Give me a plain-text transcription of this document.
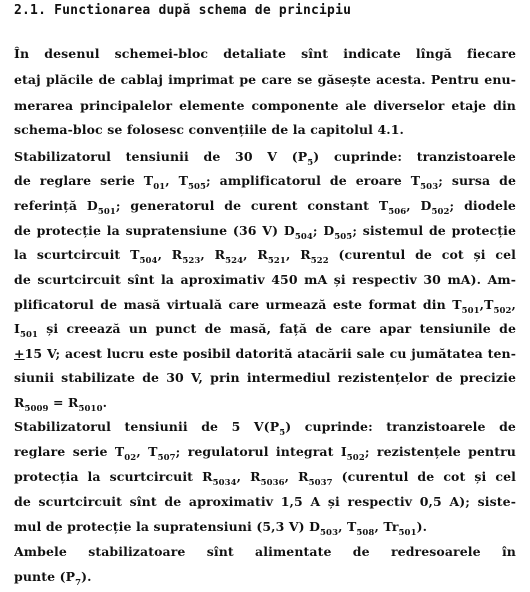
2.1. Functionarea după schema de principiu
În desenul schemei-bloc detaliate sînt indicate lîngă fiecare
etaj plăcile de cablaj imprimat pe care se găsește acesta. Pentru enu-
merarea principalelor elemente componente ale diverselor etaje din
schema-bloc se folosesc convențiile de la capitolul 4.1.
Stabilizatorul tensiunii de 30 V $(P_5)$ cuprinde: tranzistoarele
de reglare serie $T_{01}$, $T_{505}$; amplificatorul de eroare $T_{503}$; sursa de
referință $D_{501}$; generatorul de curent constant $T_{506}$, $D_{502}$; diodele
de protecție la supratensiune (36 V) $D_{504}$; $D_{505}$; sistemul de protecție
la scurtcircuit $T_{504}$, $R_{523}$, $R_{524}$, $R_{521}$, $R_{522}$ (curentul de cot și cel
de scurtcircuit sînt la aproximativ 450 mA și respectiv 30 mA). Am-
plificatorul de masă virtuală care urmează este format din $T_{501},T_{502}$,
$I_{501}$ și creează un punct de masă, față de care apar tensiunile de
+15 V; acest lucru este posibil datorită atacării sale cu jumătatea ten-
siunii stabilizate de 30 V, prin intermediul rezistențelor de precizie
$R_{5009} = R_{5010}$.
Stabilizatorul tensiunii de 5 $V(P_5)$ cuprinde: tranzistoarele de
reglare serie $T_{02}$, $T_{507}$; regulatorul integrat $I_{502}$; rezistențele pentru
protecția la scurtcircuit $R_{5034}$, $R_{5036}$, $R_{5037}$ (curentul de cot și cel
de scurtcircuit sînt de aproximativ 1,5 A și respectiv 0,5 A); siste-
mul de protecție la supratensiuni (5,3 V) $D_{503}$, $T_{508}$, $Tr_{501}$).
Ambele stabilizatoare sînt alimentate de redresoarele în
punte $(P_7)$.
